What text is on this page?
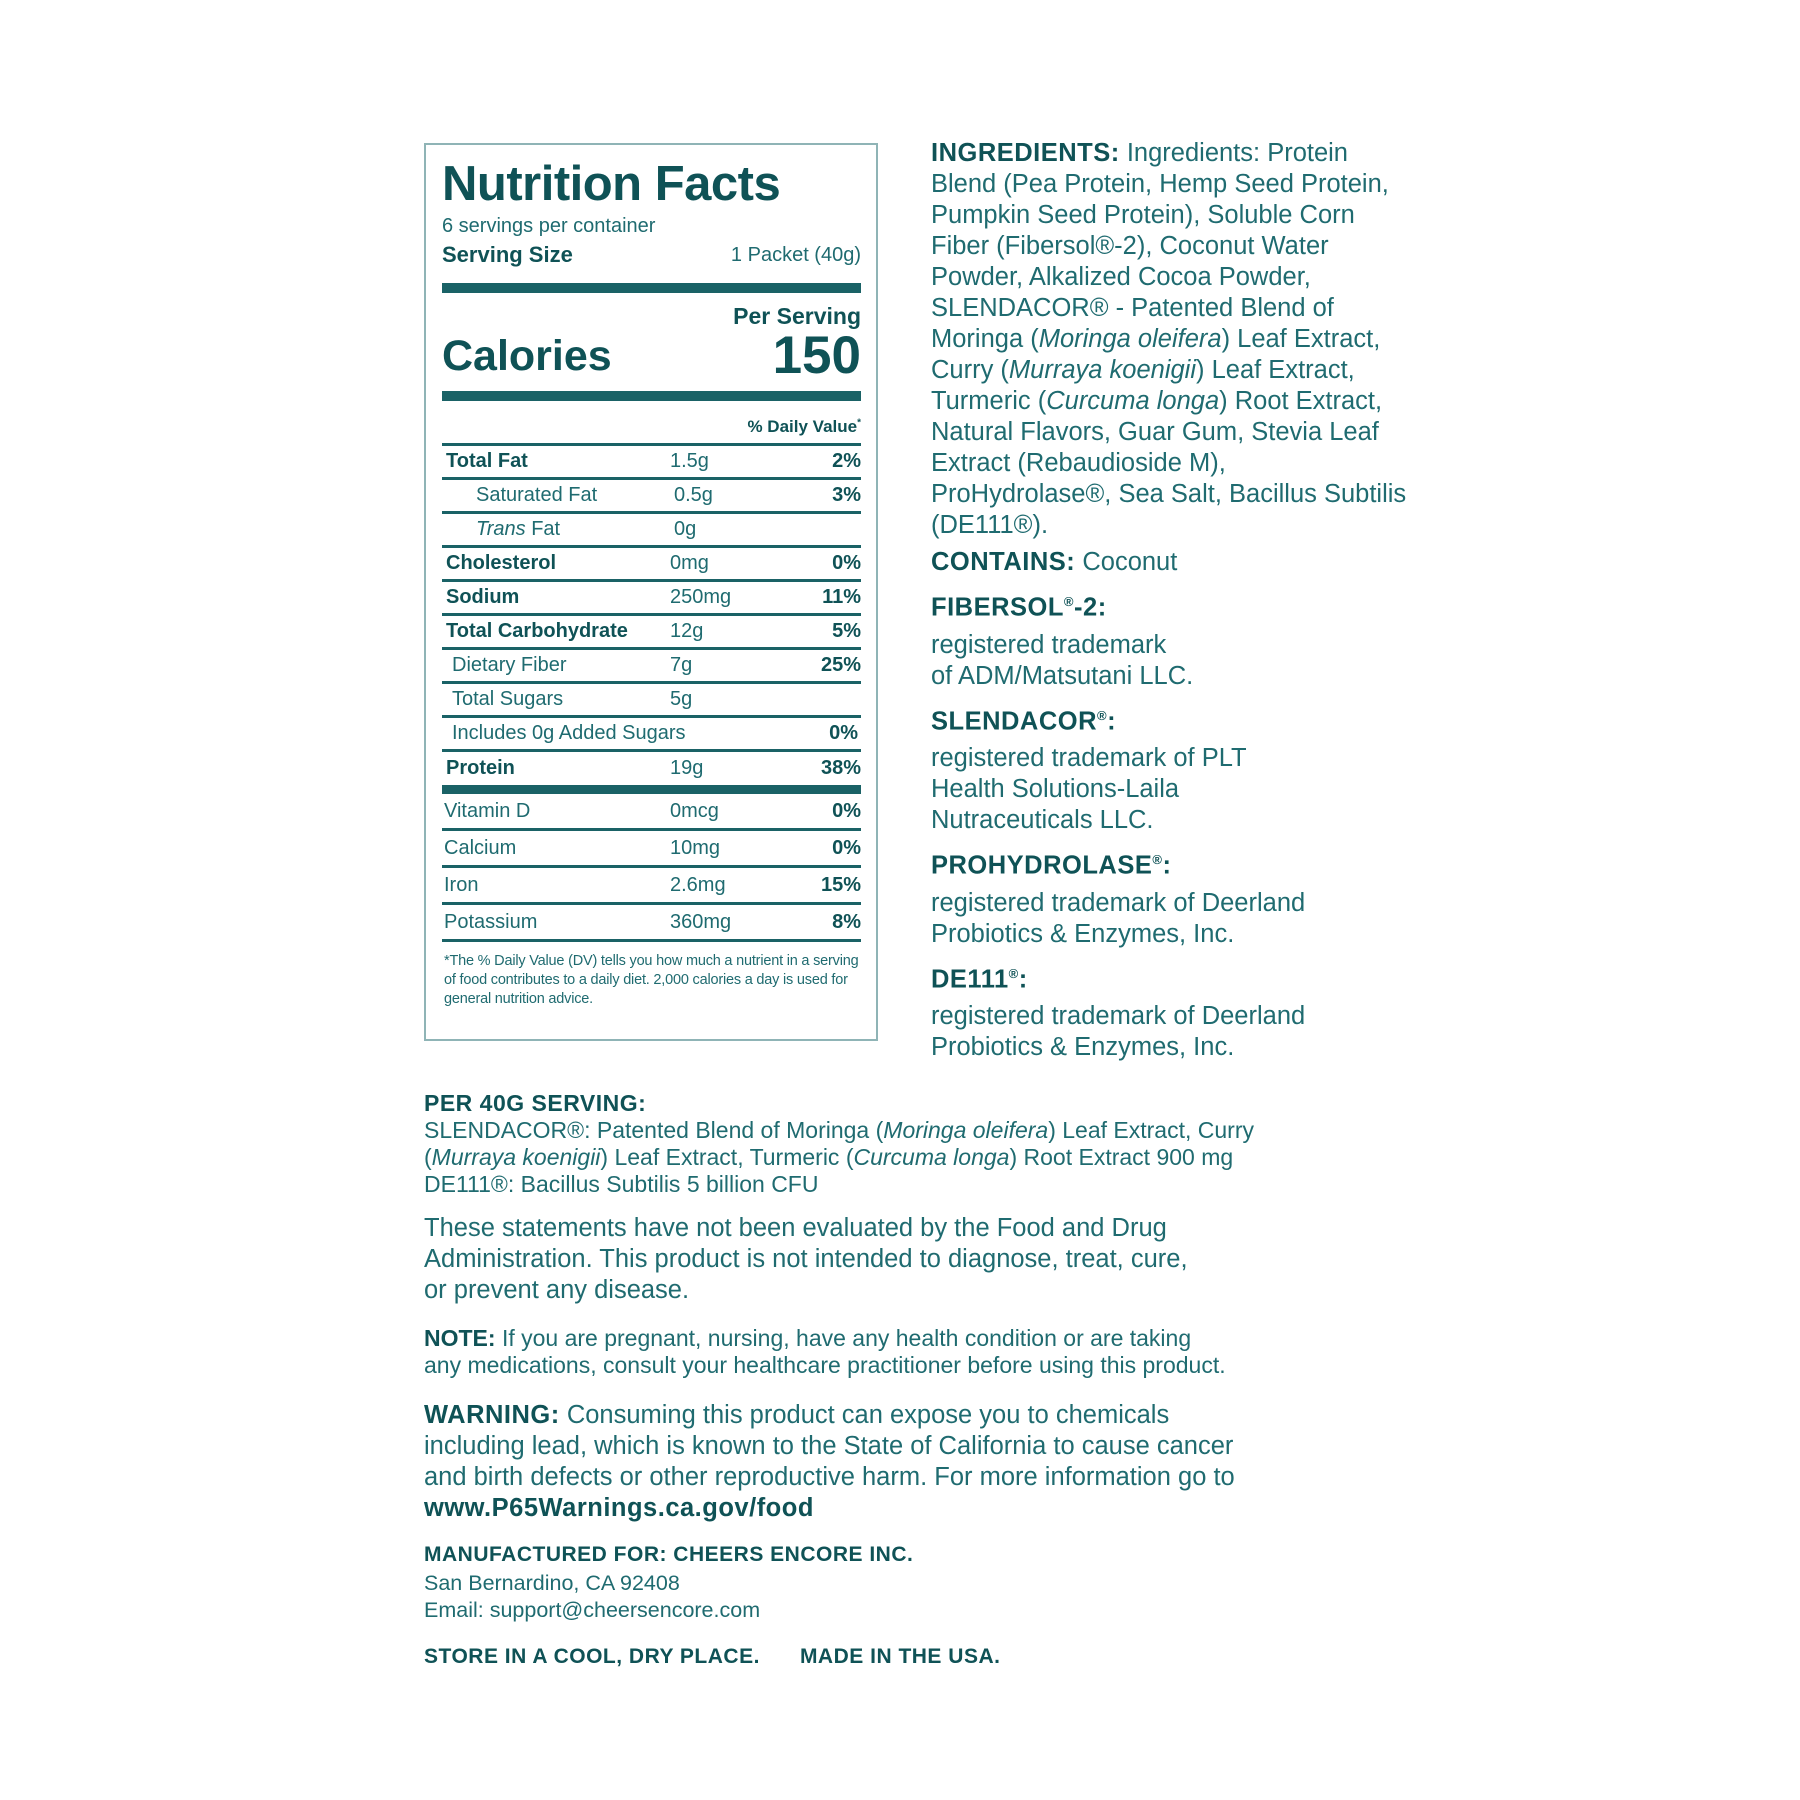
Nutrition Facts
6 servings per container
Serving Size	1 Packet (40g)
Per Serving
Calories	150
% Daily Value*
Total Fat	1.5g	2%
Saturated Fat	0.5g	3%
Trans Fat	0g
Cholesterol	0mg	0%
Sodium	250mg	11%
Total Carbohydrate	12g	5%
Dietary Fiber	7g	25%
Total Sugars	5g
Includes 0g Added Sugars	0%
Protein	19g	38%
Vitamin D	0mcg	0%
Calcium	10mg	0%
Iron	2.6mg	15%
Potassium	360mg	8%
*The % Daily Value (DV) tells you how much a nutrient in a serving of food contributes to a daily diet. 2,000 calories a day is used for general nutrition advice.

INGREDIENTS: Ingredients: Protein Blend (Pea Protein, Hemp Seed Protein, Pumpkin Seed Protein), Soluble Corn Fiber (Fibersol®-2), Coconut Water Powder, Alkalized Cocoa Powder, SLENDACOR® - Patented Blend of Moringa (Moringa oleifera) Leaf Extract, Curry (Murraya koenigii) Leaf Extract, Turmeric (Curcuma longa) Root Extract, Natural Flavors, Guar Gum, Stevia Leaf Extract (Rebaudioside M), ProHydrolase®, Sea Salt, Bacillus Subtilis (DE111®).

CONTAINS: Coconut

FIBERSOL®-2:
registered trademark
of ADM/Matsutani LLC.
SLENDACOR®:
registered trademark of PLT
Health Solutions-Laila
Nutraceuticals LLC.
PROHYDROLASE®:
registered trademark of Deerland
Probiotics & Enzymes, Inc.
DE111®:
registered trademark of Deerland
Probiotics & Enzymes, Inc.
PER 40G SERVING:
SLENDACOR®: Patented Blend of Moringa (Moringa oleifera) Leaf Extract, Curry
(Murraya koenigii) Leaf Extract, Turmeric (Curcuma longa) Root Extract 900 mg
DE111®: Bacillus Subtilis 5 billion CFU
These statements have not been evaluated by the Food and Drug
Administration. This product is not intended to diagnose, treat, cure,
or prevent any disease.
NOTE: If you are pregnant, nursing, have any health condition or are taking
any medications, consult your healthcare practitioner before using this product.
WARNING: Consuming this product can expose you to chemicals
including lead, which is known to the State of California to cause cancer
and birth defects or other reproductive harm. For more information go to
www.P65Warnings.ca.gov/food
MANUFACTURED FOR: CHEERS ENCORE INC.
San Bernardino, CA 92408
Email: support@cheersencore.com
STORE IN A COOL, DRY PLACE. MADE IN THE USA.
